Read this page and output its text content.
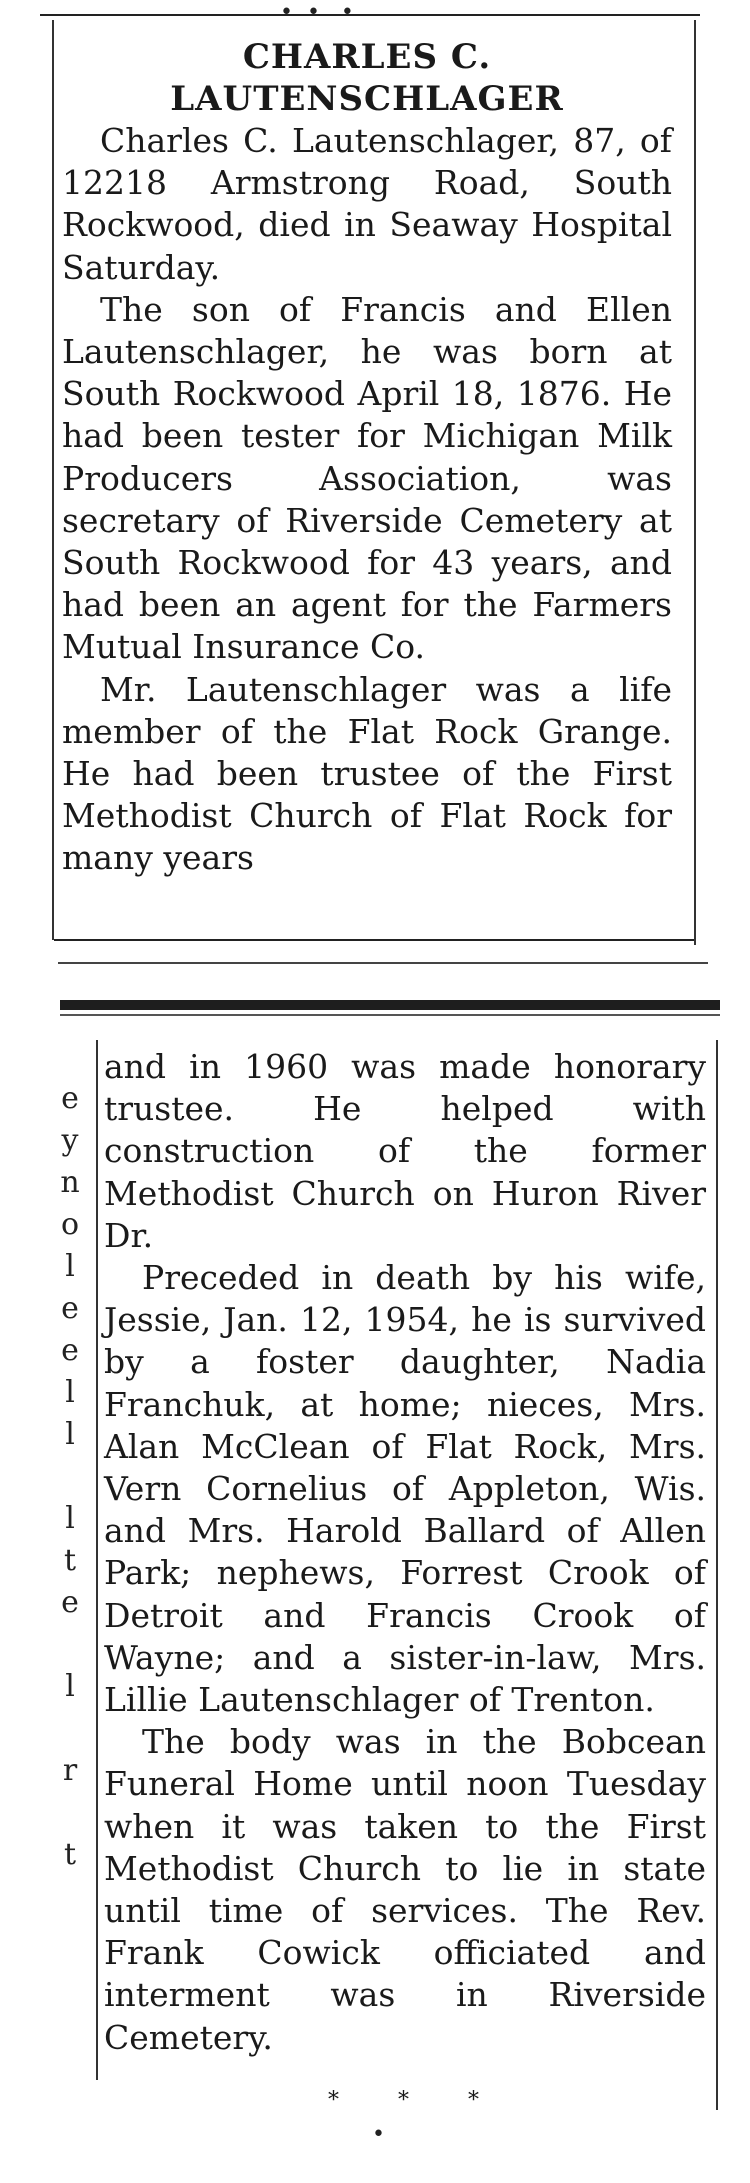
•  •   •
CHARLES C.
LAUTENSCHLAGER

Charles C. Lautenschlager, 87, of 12218 Armstrong Road, South Rockwood, died in Seaway Hospital Saturday.

The son of Francis and Ellen Lautenschlager, he was born at South Rockwood April 18, 1876. He had been tester for Michigan Milk Producers Association, was secretary of Riverside Cemetery at South Rockwood for 43 years, and had been an agent for the Farmers Mutual Insurance Co.

Mr. Lautenschlager was a life member of the Flat Rock Grange. He had been trustee of the First Methodist Church of Flat Rock for many years

e
y
n
o
l
e
e
l
l
l
t
e
l
r
t

and in 1960 was made honorary trustee. He helped with construction of the former Methodist Church on Huron River Dr.

Preceded in death by his wife, Jessie, Jan. 12, 1954, he is survived by a foster daughter, Nadia Franchuk, at home; nieces, Mrs. Alan McClean of Flat Rock, Mrs. Vern Cornelius of Appleton, Wis. and Mrs. Harold Ballard of Allen Park; nephews, Forrest Crook of Detroit and Francis Crook of Wayne; and a sister-in-law, Mrs. Lillie Lautenschlager of Trenton.

The body was in the Bobcean Funeral Home until noon Tuesday when it was taken to the First Methodist Church to lie in state until time of services. The Rev. Frank Cowick officiated and interment was in Riverside Cemetery.

* * *
•
